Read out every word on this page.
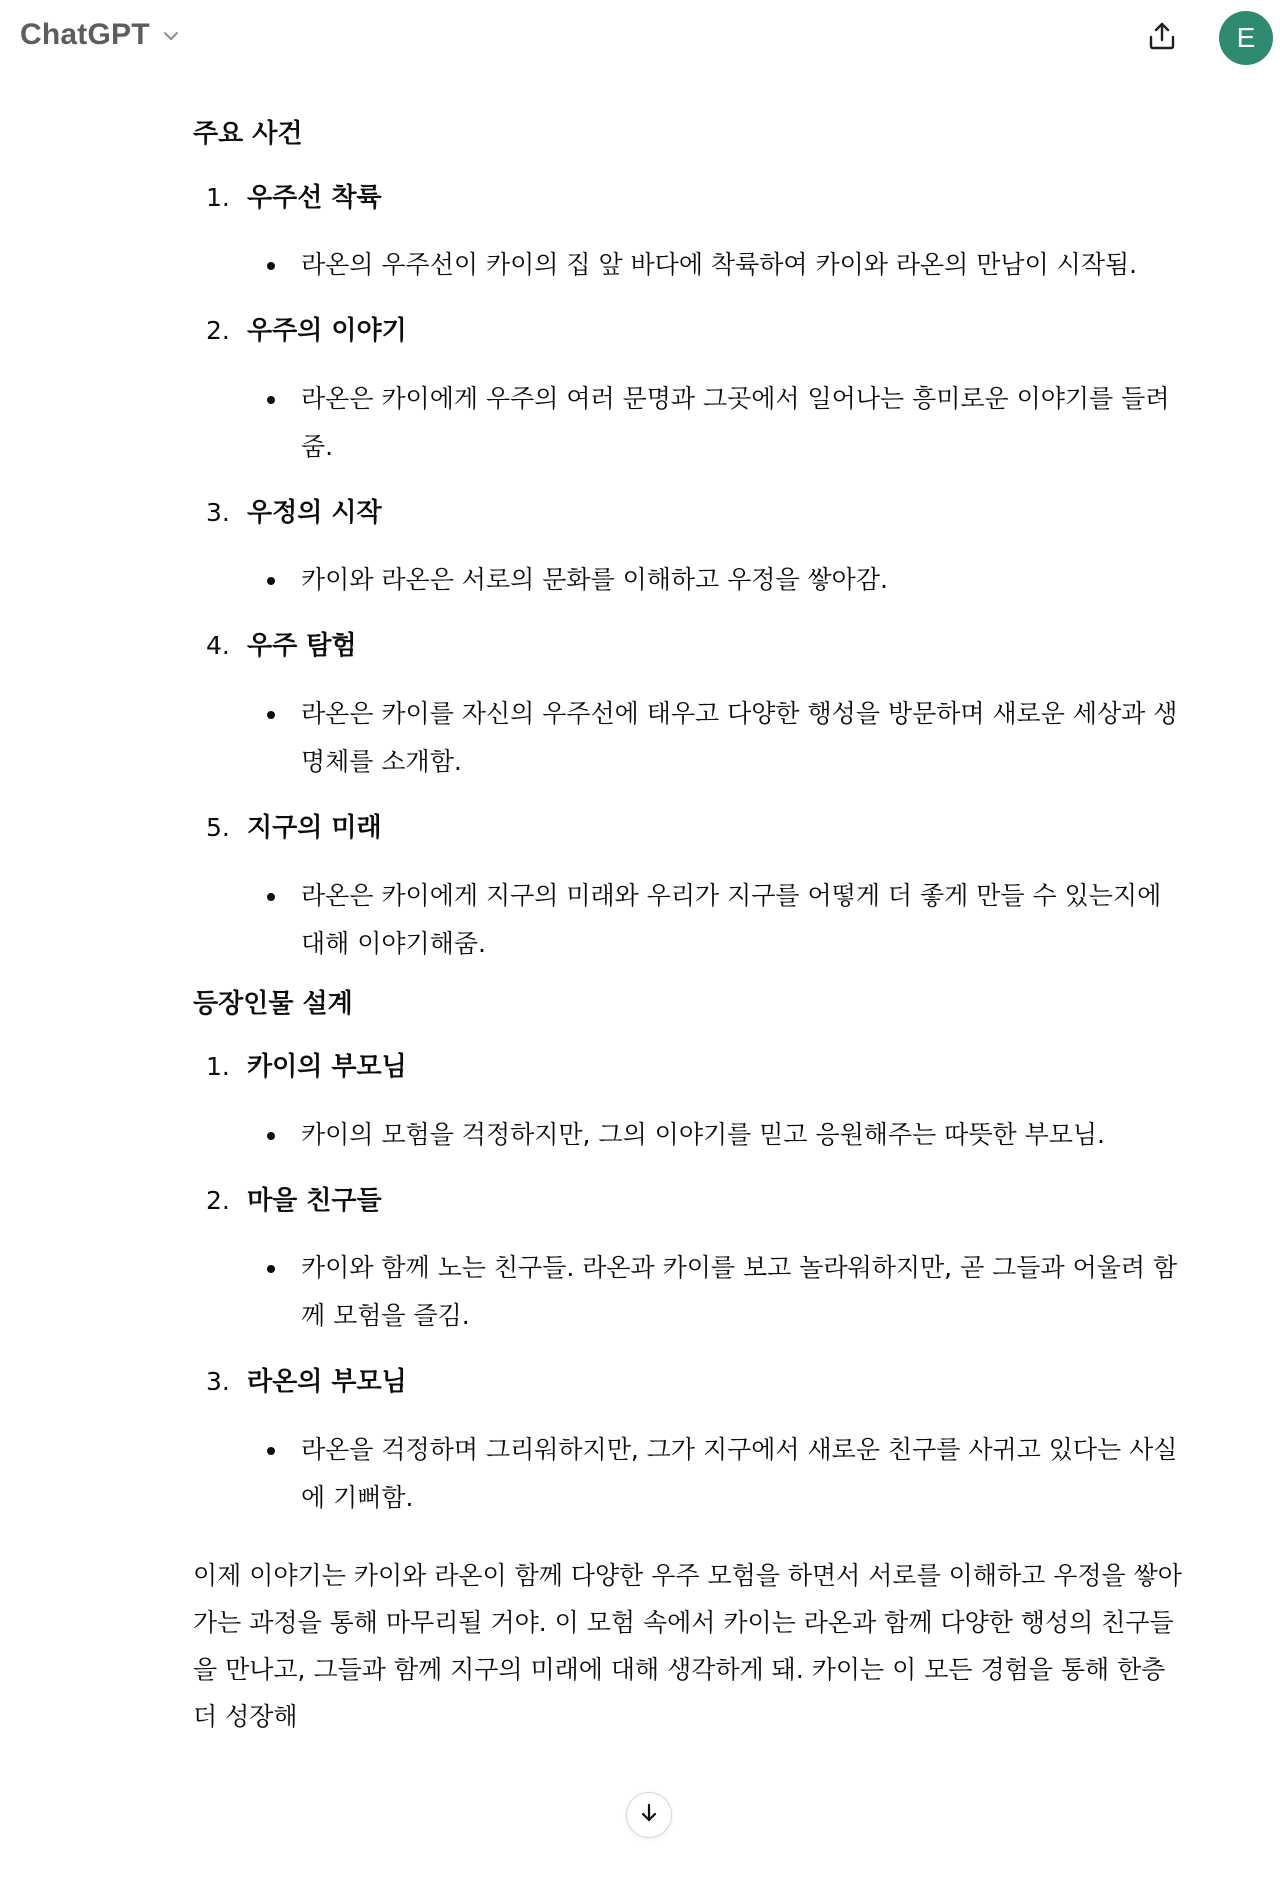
ChatGPT	E
주요 사건
1. 우주선 착륙
라온의 우주선이 카이의 집 앞 바다에 착륙하여 카이와 라온의 만남이 시작됨.
2. 우주의 이야기
라온은 카이에게 우주의 여러 문명과 그곳에서 일어나는 흥미로운 이야기를 들려줌.
3. 우정의 시작
카이와 라온은 서로의 문화를 이해하고 우정을 쌓아감.
4. 우주 탐험
라온은 카이를 자신의 우주선에 태우고 다양한 행성을 방문하며 새로운 세상과 생명체를 소개함.
5. 지구의 미래
라온은 카이에게 지구의 미래와 우리가 지구를 어떻게 더 좋게 만들 수 있는지에 대해 이야기해줌.
등장인물 설계
1. 카이의 부모님
카이의 모험을 걱정하지만, 그의 이야기를 믿고 응원해주는 따뜻한 부모님.
2. 마을 친구들
카이와 함께 노는 친구들. 라온과 카이를 보고 놀라워하지만, 곧 그들과 어울려 함께 모험을 즐김.
3. 라온의 부모님
라온을 걱정하며 그리워하지만, 그가 지구에서 새로운 친구를 사귀고 있다는 사실에 기뻐함.

이제 이야기는 카이와 라온이 함께 다양한 우주 모험을 하면서 서로를 이해하고 우정을 쌓아가는 과정을 통해 마무리될 거야. 이 모험 속에서 카이는 라온과 함께 다양한 행성의 친구들을 만나고, 그들과 함께 지구의 미래에 대해 생각하게 돼. 카이는 이 모든 경험을 통해 한층 더 성장해
